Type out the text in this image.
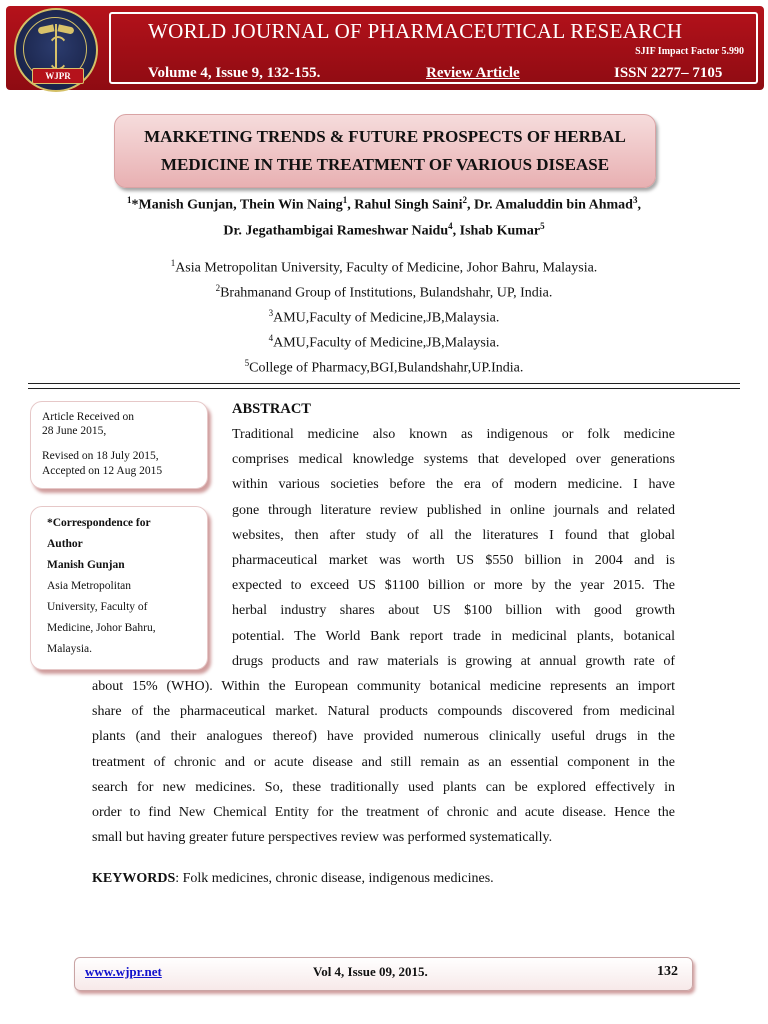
WJPR
WORLD JOURNAL OF PHARMACEUTICAL RESEARCH
SJIF Impact Factor 5.990
Volume 4, Issue 9, 132-155.	Review Article	ISSN 2277– 7105
MARKETING TRENDS & FUTURE PROSPECTS OF HERBAL
MEDICINE IN THE TREATMENT OF VARIOUS DISEASE
$^1$*Manish Gunjan, Thein Win Naing$^1$, Rahul Singh Saini$^2$, Dr. Amaluddin bin Ahmad$^3$,
Dr. Jegathambigai Rameshwar Naidu$^4$, Ishab Kumar$^5$
$^1$Asia Metropolitan University, Faculty of Medicine, Johor Bahru, Malaysia.
$^2$Brahmanand Group of Institutions, Bulandshahr, UP, India.
$^3$AMU,Faculty of Medicine,JB,Malaysia.
$^4$AMU,Faculty of Medicine,JB,Malaysia.
$^5$College of Pharmacy,BGI,Bulandshahr,UP.India.
Article Received on
28 June 2015,
Revised on 18 July 2015,
Accepted on 12 Aug 2015
*Correspondence for
Author
Manish Gunjan
Asia Metropolitan
University, Faculty of
Medicine, Johor Bahru,
Malaysia.
ABSTRACT
Traditional medicine also known as indigenous or folk medicine
comprises medical knowledge systems that developed over generations
within various societies before the era of modern medicine. I have
gone through literature review published in online journals and related
websites, then after study of all the literatures I found that global
pharmaceutical market was worth US $550 billion in 2004 and is
expected to exceed US $1100 billion or more by the year 2015. The
herbal industry shares about US $100 billion with good growth
potential. The World Bank report trade in medicinal plants, botanical
drugs products and raw materials is growing at annual growth rate of
about 15% (WHO). Within the European community botanical medicine represents an import
share of the pharmaceutical market. Natural products compounds discovered from medicinal
plants (and their analogues thereof) have provided numerous clinically useful drugs in the
treatment of chronic and or acute disease and still remain as an essential component in the
search for new medicines. So, these traditionally used plants can be explored effectively in
order to find New Chemical Entity for the treatment of chronic and acute disease. Hence the
small but having greater future perspectives review was performed systematically.
KEYWORDS: Folk medicines, chronic disease, indigenous medicines.
www.wjpr.net	Vol 4, Issue 09, 2015.	132
